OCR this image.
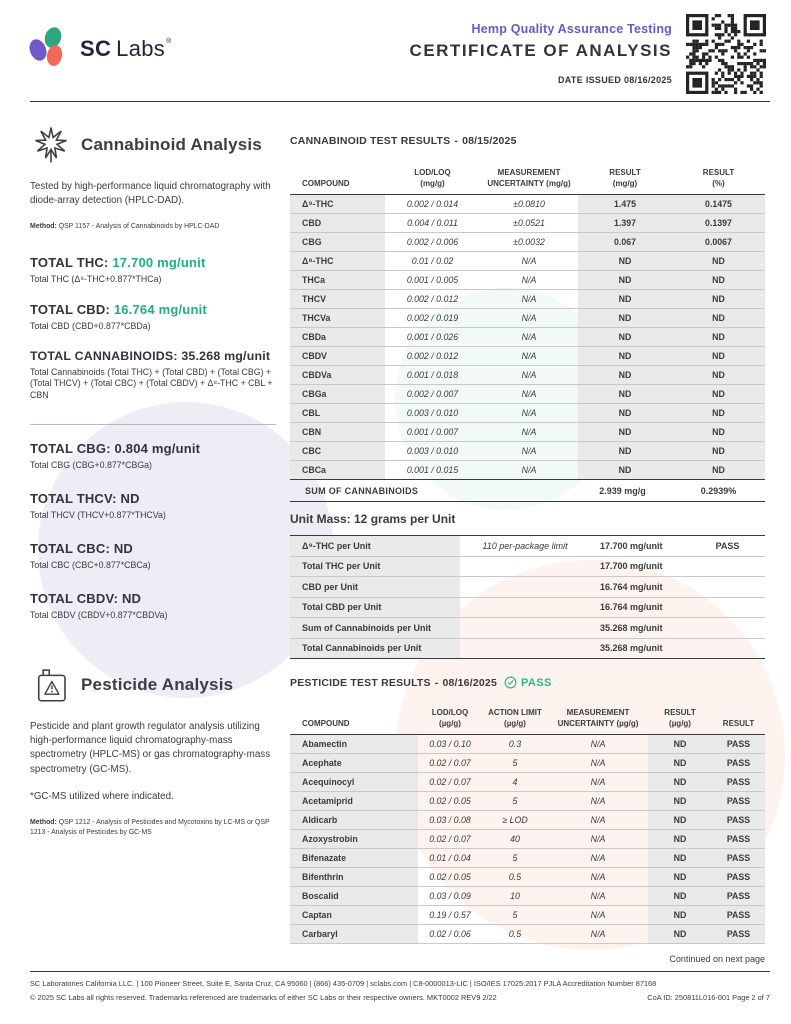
SC Labs ®
Hemp Quality Assurance Testing
CERTIFICATE OF ANALYSIS
DATE ISSUED 08/16/2025
Cannabinoid Analysis
Tested by high-performance liquid chromatography with diode-array detection (HPLC-DAD).
Method: QSP 1157 - Analysis of Cannabinoids by HPLC-DAD
TOTAL THC: 17.700 mg/unit
Total THC (Δ⁹-THC+0.877*THCa)
TOTAL CBD: 16.764 mg/unit
Total CBD (CBD+0.877*CBDa)
TOTAL CANNABINOIDS: 35.268 mg/unit
Total Cannabinoids (Total THC) + (Total CBD) + (Total CBG) + (Total THCV) + (Total CBC) + (Total CBDV) + Δ⁸-THC + CBL + CBN
TOTAL CBG: 0.804 mg/unit
Total CBG (CBG+0.877*CBGa)
TOTAL THCV: ND
Total THCV (THCV+0.877*THCVa)
TOTAL CBC: ND
Total CBC (CBC+0.877*CBCa)
TOTAL CBDV: ND
Total CBDV (CBDV+0.877*CBDVa)
Pesticide Analysis
Pesticide and plant growth regulator analysis utilizing high-performance liquid chromatography-mass spectrometry (HPLC-MS) or gas chromatography-mass spectrometry (GC-MS).
*GC-MS utilized where indicated.
Method: QSP 1212 - Analysis of Pesticides and Mycotoxins by LC-MS or QSP 1213 - Analysis of Pesticides by GC-MS
CANNABINOID TEST RESULTS - 08/15/2025
COMPOUND
LOD/LOQ
(mg/g)
MEASUREMENT
UNCERTAINTY (mg/g)
RESULT
(mg/g)
RESULT
(%)
Δ⁹-THC	0.002 / 0.014	±0.0810	1.475	0.1475
CBD	0.004 / 0.011	±0.0521	1.397	0.1397
CBG	0.002 / 0.006	±0.0032	0.067	0.0067
Δ⁸-THC	0.01 / 0.02	N/A	ND	ND
THCa	0.001 / 0.005	N/A	ND	ND
THCV	0.002 / 0.012	N/A	ND	ND
THCVa	0.002 / 0.019	N/A	ND	ND
CBDa	0.001 / 0.026	N/A	ND	ND
CBDV	0.002 / 0.012	N/A	ND	ND
CBDVa	0.001 / 0.018	N/A	ND	ND
CBGa	0.002 / 0.007	N/A	ND	ND
CBL	0.003 / 0.010	N/A	ND	ND
CBN	0.001 / 0.007	N/A	ND	ND
CBC	0.003 / 0.010	N/A	ND	ND
CBCa	0.001 / 0.015	N/A	ND	ND
SUM OF CANNABINOIDS	2.939 mg/g	0.2939%
Unit Mass: 12 grams per Unit
Δ⁹-THC per Unit	110 per-package limit	17.700 mg/unit	PASS
Total THC per Unit	17.700 mg/unit
CBD per Unit	16.764 mg/unit
Total CBD per Unit	16.764 mg/unit
Sum of Cannabinoids per Unit	35.268 mg/unit
Total Cannabinoids per Unit	35.268 mg/unit
PESTICIDE TEST RESULTS - 08/16/2025 PASS
COMPOUND
LOD/LOQ
(µg/g)
ACTION LIMIT
(µg/g)
MEASUREMENT
UNCERTAINTY (µg/g)
RESULT
(µg/g)	RESULT
Abamectin	0.03 / 0.10	0.3	N/A	ND	PASS
Acephate	0.02 / 0.07	5	N/A	ND	PASS
Acequinocyl	0.02 / 0.07	4	N/A	ND	PASS
Acetamiprid	0.02 / 0.05	5	N/A	ND	PASS
Aldicarb	0.03 / 0.08	≥ LOD	N/A	ND	PASS
Azoxystrobin	0.02 / 0.07	40	N/A	ND	PASS
Bifenazate	0.01 / 0.04	5	N/A	ND	PASS
Bifenthrin	0.02 / 0.05	0.5	N/A	ND	PASS
Boscalid	0.03 / 0.09	10	N/A	ND	PASS
Captan	0.19 / 0.57	5	N/A	ND	PASS
Carbaryl	0.02 / 0.06	0.5	N/A	ND	PASS
Continued on next page
SC Laboratories California LLC. | 100 Pioneer Street, Suite E, Santa Cruz, CA 95060 | (866) 435-0709 | sclabs.com | C8-0000013-LIC | ISO/IES 17025:2017 PJLA Accreditation Number 87168
© 2025 SC Labs all rights reserved. Trademarks referenced are trademarks of either SC Labs or their respective owners. MKT0002 REV9 2/22	CoA ID: 250811L016-001 Page 2 of 7
